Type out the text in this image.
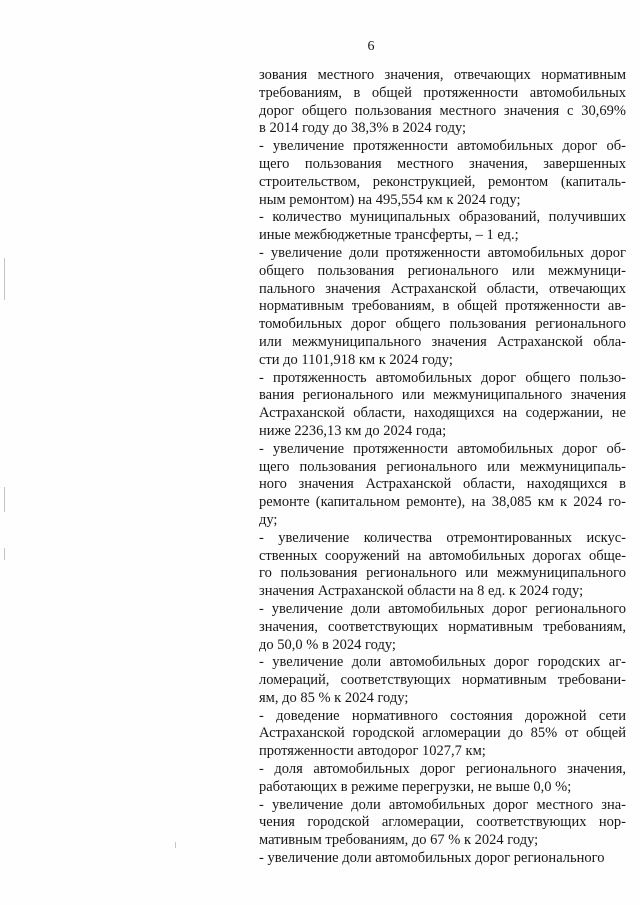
6
зования местного значения, отвечающих нормативным
требованиям, в общей протяженности автомобильных
дорог общего пользования местного значения с 30,69%
в 2014 году до 38,3% в 2024 году;
- увеличение протяженности автомобильных дорог об-
щего пользования местного значения, завершенных
строительством, реконструкцией, ремонтом (капиталь-
ным ремонтом) на 495,554 км к 2024 году;
- количество муниципальных образований, получивших
иные межбюджетные трансферты, – 1 ед.;
- увеличение доли протяженности автомобильных дорог
общего пользования регионального или межмуници-
пального значения Астраханской области, отвечающих
нормативным требованиям, в общей протяженности ав-
томобильных дорог общего пользования регионального
или межмуниципального значения Астраханской обла-
сти до 1101,918 км к 2024 году;
- протяженность автомобильных дорог общего пользо-
вания регионального или межмуниципального значения
Астраханской области, находящихся на содержании, не
ниже 2236,13 км до 2024 года;
- увеличение протяженности автомобильных дорог об-
щего пользования регионального или межмуниципаль-
ного значения Астраханской области, находящихся в
ремонте (капитальном ремонте), на 38,085 км к 2024 го-
ду;
- увеличение количества отремонтированных искус-
ственных сооружений на автомобильных дорогах обще-
го пользования регионального или межмуниципального
значения Астраханской области на 8 ед. к 2024 году;
- увеличение доли автомобильных дорог регионального
значения, соответствующих нормативным требованиям,
до 50,0 % в 2024 году;
- увеличение доли автомобильных дорог городских аг-
ломераций, соответствующих нормативным требовани-
ям, до 85 % к 2024 году;
- доведение нормативного состояния дорожной сети
Астраханской городской агломерации до 85% от общей
протяженности автодорог 1027,7 км;
- доля автомобильных дорог регионального значения,
работающих в режиме перегрузки, не выше 0,0 %;
- увеличение доли автомобильных дорог местного зна-
чения городской агломерации, соответствующих нор-
мативным требованиям, до 67 % к 2024 году;
- увеличение доли автомобильных дорог регионального
